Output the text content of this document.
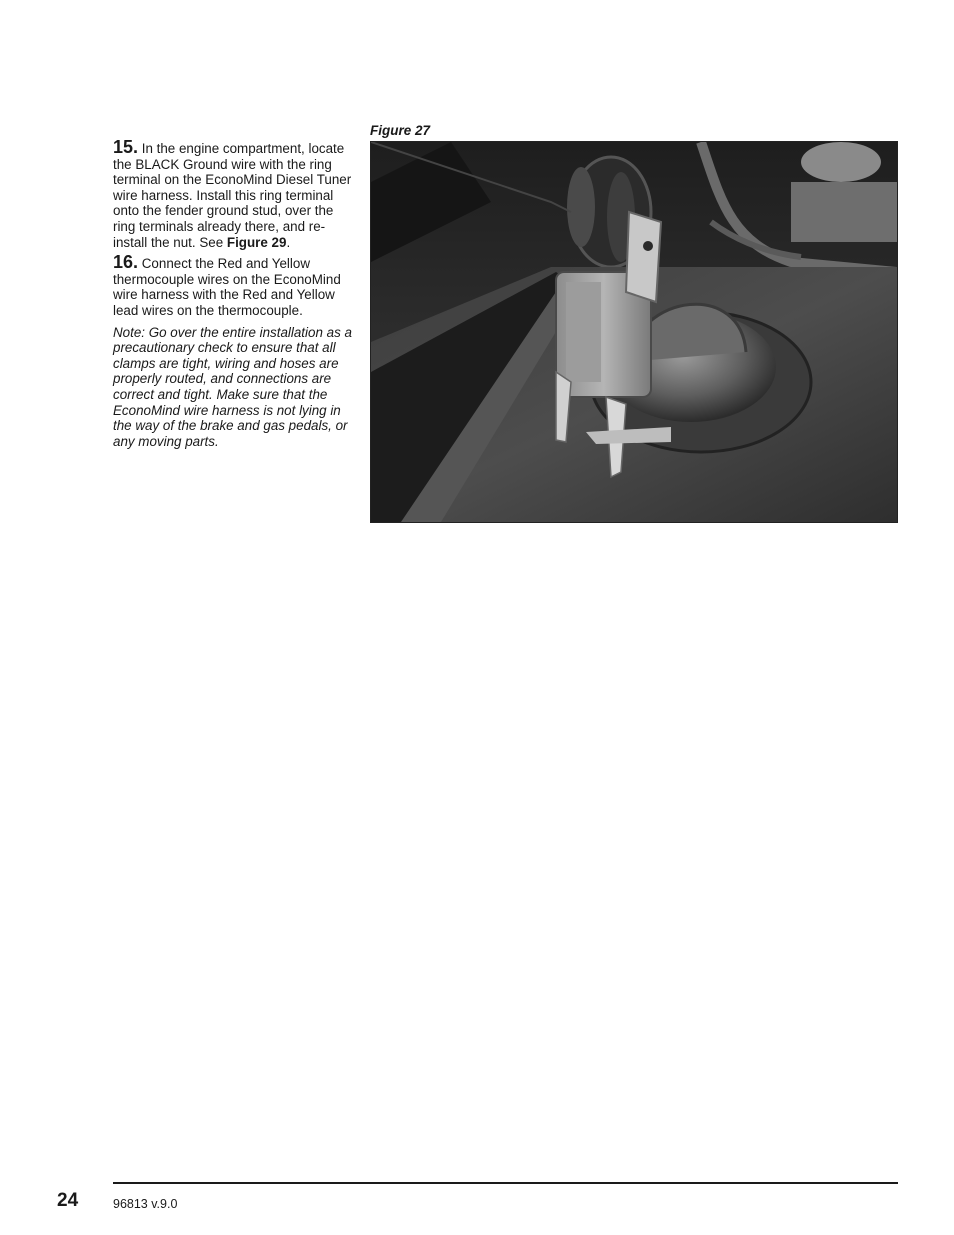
15. In the engine compartment, locate the BLACK Ground wire with the ring terminal on the EconoMind Diesel Tuner wire harness. Install this ring terminal onto the fender ground stud, over the ring terminals already there, and re-install the nut. See Figure 29.

16. Connect the Red and Yellow thermocouple wires on the EconoMind wire harness with the Red and Yellow lead wires on the thermocouple.

Note: Go over the entire installation as a precautionary check to ensure that all clamps are tight, wiring and hoses are properly routed, and connections are correct and tight. Make sure that the EconoMind wire harness is not lying in the way of the brake and gas pedals, or any moving parts.

Figure 27
24	96813 v.9.0
